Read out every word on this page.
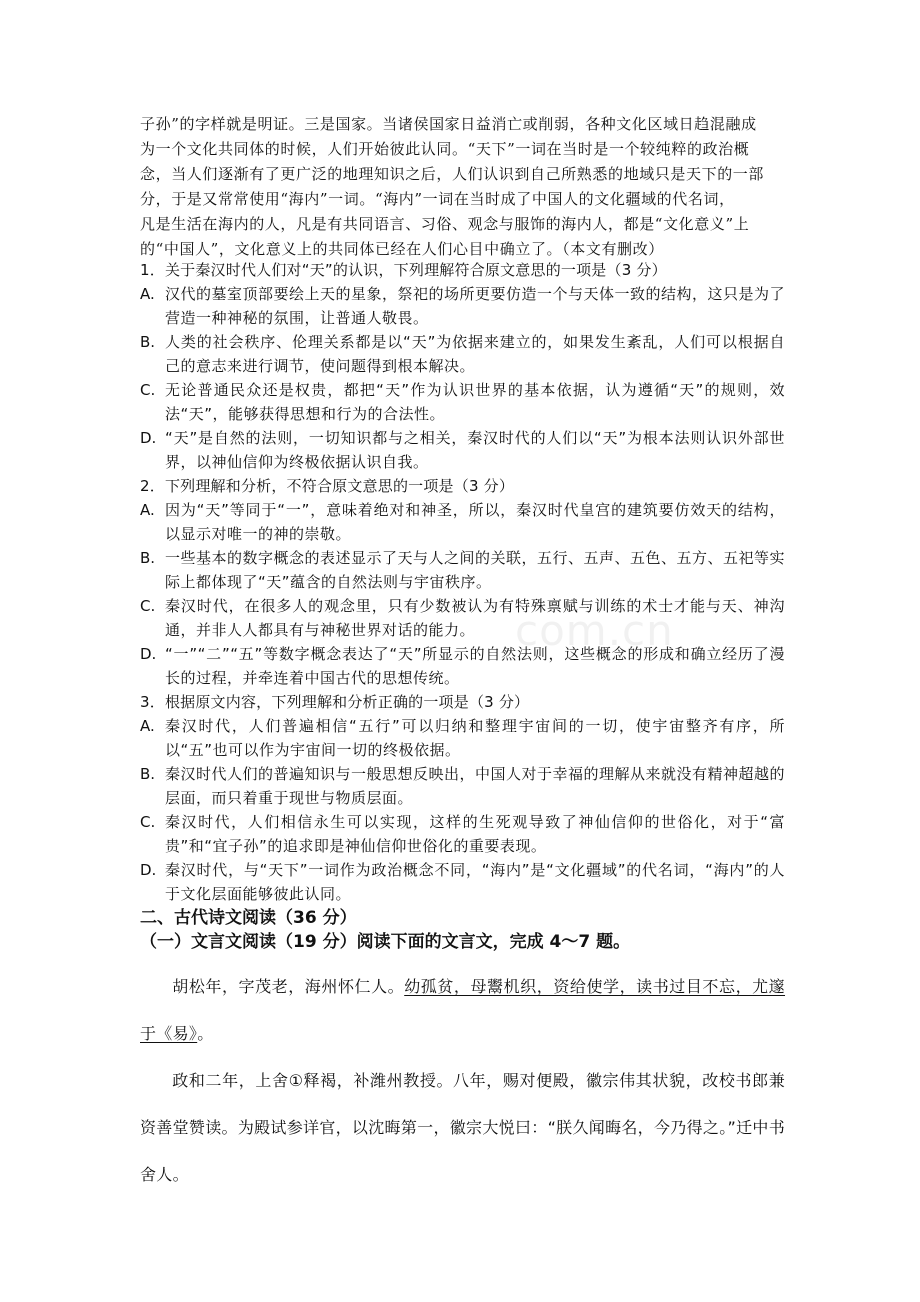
com.cn

子孙”的字样就是明证。三是国家。当诸侯国家日益消亡或削弱，各种文化区域日趋混融成

为一个文化共同体的时候，人们开始彼此认同。“天下”一词在当时是一个较纯粹的政治概

念，当人们逐渐有了更广泛的地理知识之后，人们认识到自己所熟悉的地域只是天下的一部

分，于是又常常使用“海内”一词。“海内”一词在当时成了中国人的文化疆域的代名词，

凡是生活在海内的人，凡是有共同语言、习俗、观念与服饰的海内人，都是“文化意义”上

的“中国人”，文化意义上的共同体已经在人们心目中确立了。（本文有删改）

1．关于秦汉时代人们对“天”的认识，下列理解符合原文意思的一项是（3 分）

A. 汉代的墓室顶部要绘上天的星象，祭祀的场所更要仿造一个与天体一致的结构，这只是为了营造一种神秘的氛围，让普通人敬畏。
B. 人类的社会秩序、伦理关系都是以“天”为依据来建立的，如果发生紊乱，人们可以根据自己的意志来进行调节，使问题得到根本解决。
C. 无论普通民众还是权贵，都把“天”作为认识世界的基本依据，认为遵循“天”的规则，效法“天”，能够获得思想和行为的合法性。
D. “天”是自然的法则，一切知识都与之相关，秦汉时代的人们以“天”为根本法则认识外部世界，以神仙信仰为终极依据认识自我。

2．下列理解和分析，不符合原文意思的一项是（3 分）

A. 因为“天”等同于“一”，意味着绝对和神圣，所以，秦汉时代皇宫的建筑要仿效天的结构，以显示对唯一的神的崇敬。
B. 一些基本的数字概念的表述显示了天与人之间的关联，五行、五声、五色、五方、五祀等实际上都体现了“天”蕴含的自然法则与宇宙秩序。
C. 秦汉时代，在很多人的观念里，只有少数被认为有特殊禀赋与训练的术士才能与天、神沟通，并非人人都具有与神秘世界对话的能力。
D. “一”“二”“五”等数字概念表达了“天”所显示的自然法则，这些概念的形成和确立经历了漫长的过程，并牵连着中国古代的思想传统。

3．根据原文内容，下列理解和分析正确的一项是（3 分）

A. 秦汉时代，人们普遍相信“五行”可以归纳和整理宇宙间的一切，使宇宙整齐有序，所以“五”也可以作为宇宙间一切的终极依据。
B. 秦汉时代人们的普遍知识与一般思想反映出，中国人对于幸福的理解从来就没有精神超越的层面，而只着重于现世与物质层面。
C. 秦汉时代，人们相信永生可以实现，这样的生死观导致了神仙信仰的世俗化，对于“富贵”和“宜子孙”的追求即是神仙信仰世俗化的重要表现。
D. 秦汉时代，与“天下”一词作为政治概念不同，“海内”是“文化疆域”的代名词，“海内”的人于文化层面能够彼此认同。

二、古代诗文阅读（36 分）

（一）文言文阅读（19 分）阅读下面的文言文，完成 4～7 题。

胡松年，字茂老，海州怀仁人。幼孤贫，母鬻机织，资给使学，读书过目不忘，尤邃于《易》。

政和二年，上舍①释褐，补潍州教授。八年，赐对便殿，徽宗伟其状貌，改校书郎兼资善堂赞读。为殿试参详官，以沈晦第一，徽宗大悦曰：“朕久闻晦名，今乃得之。”迁中书舍人。
